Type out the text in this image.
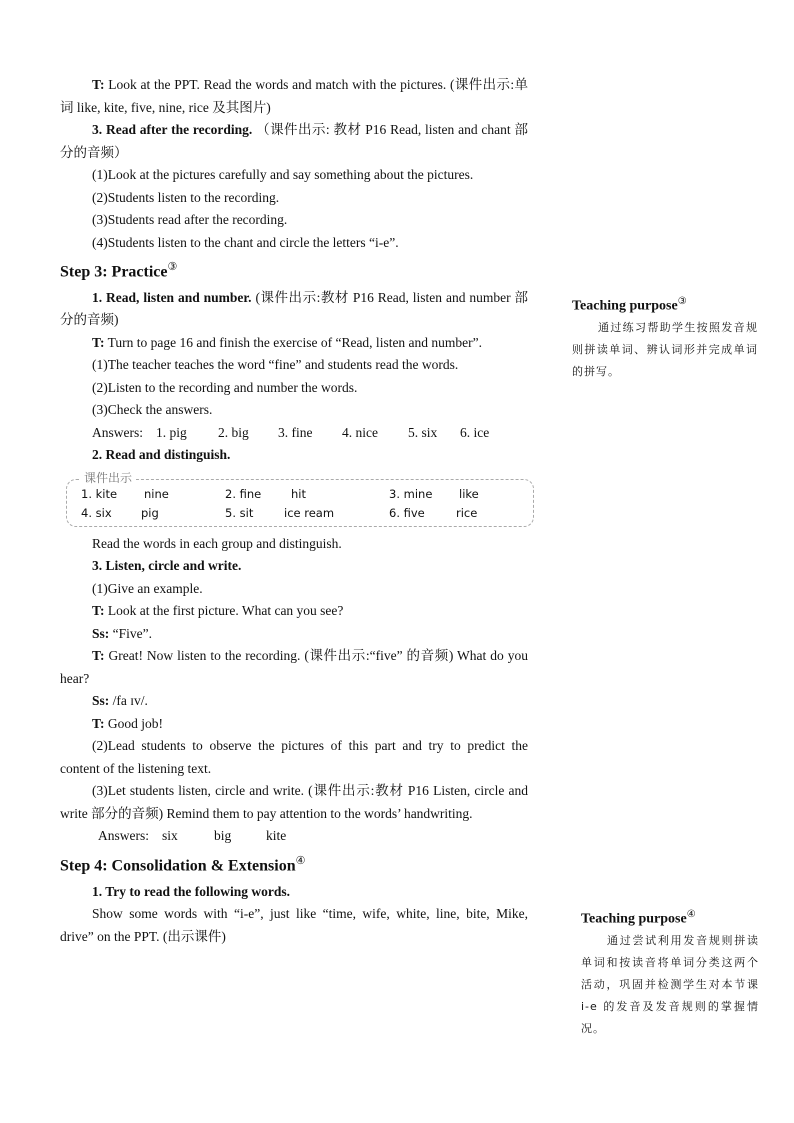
T: Look at the PPT. Read the words and match with the pictures. (课件出示:单词 like, kite, five, nine, rice 及其图片)

3. Read after the recording. （课件出示: 教材 P16 Read, listen and chant 部分的音频）

(1)Look at the pictures carefully and say something about the pictures.

(2)Students listen to the recording.

(3)Students read after the recording.

(4)Students listen to the chant and circle the letters “i-e”.

Step 3: Practice③

1. Read, listen and number. (课件出示:教材 P16 Read, listen and number 部分的音频)

T: Turn to page 16 and finish the exercise of “Read, listen and number”.

(1)The teacher teaches the word “fine” and students read the words.

(2)Listen to the recording and number the words.

(3)Check the answers.

Answers: 1. pig 2. big 3. fine 4. nice 5. six 6. ice

2. Read and distinguish.

1. kite nine	2. fine	hit	3. mine like
4. six	pig	5. sit	ice ream	6. five	rice
课件出示

Read the words in each group and distinguish.

3. Listen, circle and write.

(1)Give an example.

T: Look at the first picture. What can you see?

Ss: “Five”.

T: Great! Now listen to the recording. (课件出示:“five” 的音频) What do you hear?

Ss: /fa ɪv/.

T: Good job!

(2)Lead students to observe the pictures of this part and try to predict the content of the listening text.

(3)Let students listen, circle and write. (课件出示:教材 P16 Listen, circle and write 部分的音频) Remind them to pay attention to the words’ handwriting.

Answers: six	big	kite

Step 4: Consolidation & Extension④

1. Try to read the following words.

Show some words with “i-e”, just like “time, wife, white, line, bite, Mike, drive” on the PPT. (出示课件)

Teaching purpose③
通过练习帮助学生按照发音规则拼读单词、辨认词形并完成单词的拼写。
Teaching purpose④
通过尝试利用发音规则拼读单词和按读音将单词分类这两个活动，巩固并检测学生对本节课 i-e 的发音及发音规则的掌握情况。
